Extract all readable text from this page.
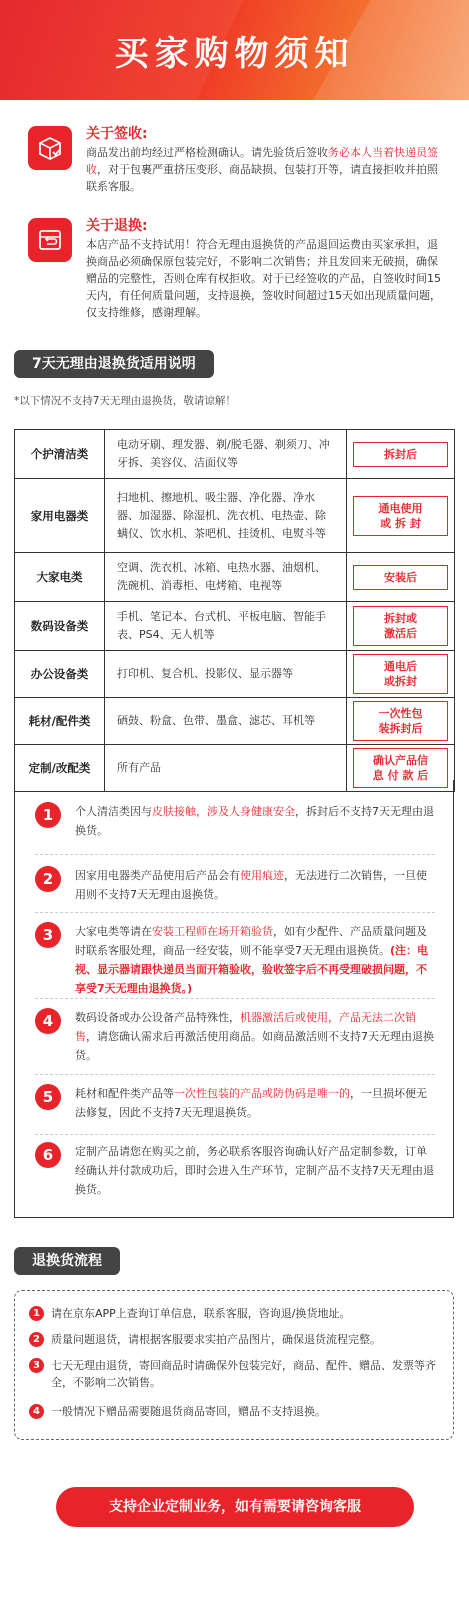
买家购物须知
关于签收:

商品发出前均经过严格检测确认。请先验货后签收务必本人当着快递员签收，对于包裹严重挤压变形、商品缺损、包装打开等，请直接拒收并拍照联系客服。

关于退换:

本店产品不支持试用！符合无理由退换货的产品退回运费由买家承担，退换商品必须确保原包装完好，不影响二次销售；并且发回来无破损，确保赠品的完整性，否则仓库有权拒收。对于已经签收的产品，自签收时间15天内，有任何质量问题，支持退换，签收时间超过15天如出现质量问题，仅支持维修，感谢理解。

7天无理由退换货适用说明
*以下情况不支持7天无理由退换货，敬请谅解！
个护清洁类	电动牙刷、理发器、剃/脱毛器、剃须刀、冲牙拆、美容仪、洁面仪等	拆封后

家用电器类	扫地机、擦地机、吸尘器、净化器、净水器、加湿器、除湿机、洗衣机、电热壶、除螨仪、饮水机、茶吧机、挂烫机、电熨斗等	通电使用
或 拆 封

大家电类	空调、洗衣机、冰箱、电热水器、油烟机、洗碗机、消毒柜、电烤箱、电视等	安装后

数码设备类	手机、笔记本、台式机、平板电脑、智能手表、PS4、无人机等	拆封或
激活后

办公设备类	打印机、复合机、投影仪、显示器等	通电后
或拆封

耗材/配件类	硒鼓、粉盒、色带、墨盒、滤芯、耳机等	一次性包
装拆封后

定制/改配类	所有产品	确认产品信
息 付 款 后
1	个人清洁类因与皮肤接触，涉及人身健康安全，拆封后不支持7天无理由退换货。

2	因家用电器类产品使用后产品会有使用痕迹，无法进行二次销售，一旦使用则不支持7天无理由退换货。

3	大家电类等请在安装工程师在场开箱验货，如有少配件、产品质量问题及时联系客服处理，商品一经安装，则不能享受7天无理由退换货。(注：电视、显示器请跟快递员当面开箱验收，验收签字后不再受理破损问题，不享受7天无理由退换货。)

4	数码设备或办公设备产品特殊性，机器激活后或使用，产品无法二次销售，请您确认需求后再激活使用商品。如商品激活则不支持7天无理由退换货。

5	耗材和配件类产品等一次性包装的产品或防伪码是唯一的，一旦损坏便无法修复，因此不支持7天无理退换货。

6	定制产品请您在购买之前，务必联系客服咨询确认好产品定制参数，订单经确认并付款成功后，即时会进入生产环节，定制产品不支持7天无理由退换货。

退换货流程
1	请在京东APP上查询订单信息，联系客服，咨询退/换货地址。

2	质量问题退货，请根据客服要求实拍产品图片，确保退货流程完整。

3	七天无理由退货，寄回商品时请确保外包装完好，商品、配件、赠品、发票等齐全，不影响二次销售。

4	一般情况下赠品需要随退货商品寄回，赠品不支持退换。

支持企业定制业务，如有需要请咨询客服
